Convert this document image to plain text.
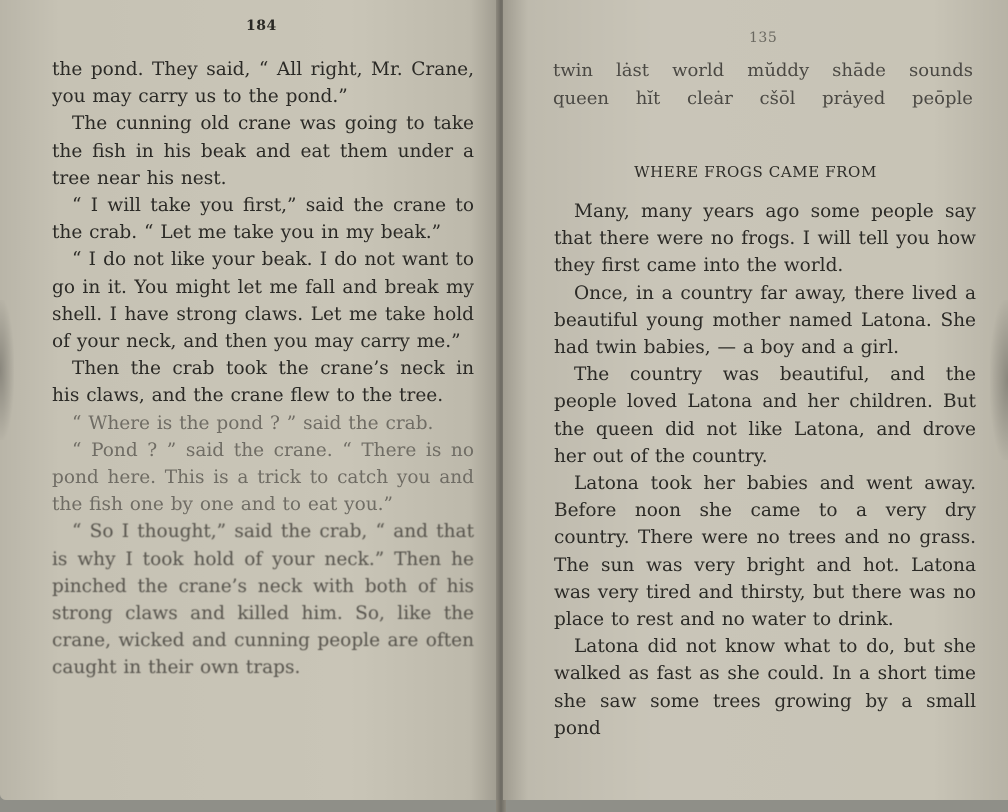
184

the pond. They said, “ All right, Mr. Crane, you may carry us to the pond.”

The cunning old crane was going to take the fish in his beak and eat them under a tree near his nest.

“ I will take you first,” said the crane to the crab. “ Let me take you in my beak.”

“ I do not like your beak. I do not want to go in it. You might let me fall and break my shell. I have strong claws. Let me take hold of your neck, and then you may carry me.”

Then the crab took the crane’s neck in his claws, and the crane flew to the tree.

“ Where is the pond ? ” said the crab.

“ Pond ? ” said the crane. “ There is no pond here. This is a trick to catch you and the fish one by one and to eat you.”

“ So I thought,” said the crab, “ and that is why I took hold of your neck.” Then he pinched the crane’s neck with both of his strong claws and killed him. So, like the crane, wicked and cunning people are often caught in their own traps.

135
twin lȧst world mŭddy shāde sounds
queen hĭt cleȧr cšōl prȧyed peōple
WHERE FROGS CAME FROM

Many, many years ago some people say that there were no frogs. I will tell you how they first came into the world.

Once, in a country far away, there lived a beautiful young mother named Latona. She had twin babies, — a boy and a girl.

The country was beautiful, and the people loved Latona and her children. But the queen did not like Latona, and drove her out of the country.

Latona took her babies and went away. Before noon she came to a very dry country. There were no trees and no grass. The sun was very bright and hot. Latona was very tired and thirsty, but there was no place to rest and no water to drink.

Latona did not know what to do, but she walked as fast as she could. In a short time she saw some trees growing by a small pond
